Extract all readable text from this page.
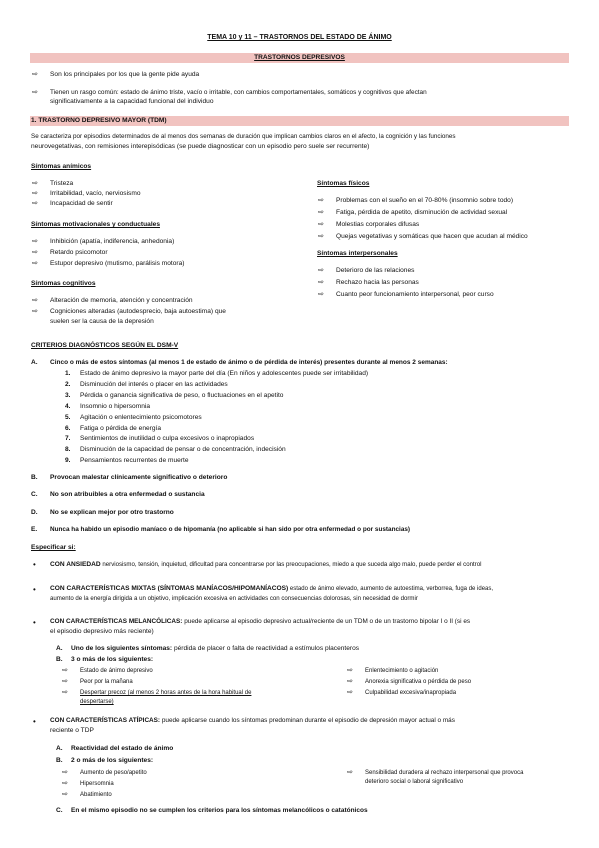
TEMA 10 y 11 – TRASTORNOS DEL ESTADO DE ÁNIMO
TRASTORNOS DEPRESIVOS
⇨ Son los principales por los que la gente pide ayuda
⇨ Tienen un rasgo común: estado de ánimo triste, vacío o irritable, con cambios comportamentales, somáticos y cognitivos que afectan
significativamente a la capacidad funcional del individuo
1. TRASTORNO DEPRESIVO MAYOR (TDM)
Se caracteriza por episodios determinados de al menos dos semanas de duración que implican cambios claros en el afecto, la cognición y las funciones
neurovegetativas, con remisiones interepisódicas (se puede diagnosticar con un episodio pero suele ser recurrente)
Síntomas anímicos
⇨ Tristeza
⇨ Irritabilidad, vacío, nerviosismo
⇨ Incapacidad de sentir
Síntomas motivacionales y conductuales
⇨ Inhibición (apatía, indiferencia, anhedonia)
⇨ Retardo psicomotor
⇨ Estupor depresivo (mutismo, parálisis motora)
Síntomas cognitivos
⇨ Alteración de memoria, atención y concentración
⇨ Cogniciones alteradas (autodesprecio, baja autoestima) que
suelen ser la causa de la depresión
Síntomas físicos
⇨ Problemas con el sueño en el 70-80% (insomnio sobre todo)
⇨ Fatiga, pérdida de apetito, disminución de actividad sexual
⇨ Molestias corporales difusas
⇨ Quejas vegetativas y somáticas que hacen que acudan al médico
Síntomas interpersonales
⇨ Deterioro de las relaciones
⇨ Rechazo hacia las personas
⇨ Cuanto peor funcionamiento interpersonal, peor curso
CRITERIOS DIAGNÓSTICOS SEGÚN EL DSM-V
A. Cinco o más de estos síntomas (al menos 1 de estado de ánimo o de pérdida de interés) presentes durante al menos 2 semanas:
1. Estado de ánimo depresivo la mayor parte del día (En niños y adolescentes puede ser irritabilidad)
2. Disminución del interés o placer en las actividades
3. Pérdida o ganancia significativa de peso, o fluctuaciones en el apetito
4. Insomnio o hipersomnia
5. Agitación o enlentecimiento psicomotores
6. Fatiga o pérdida de energía
7. Sentimientos de inutilidad o culpa excesivos o inapropiados
8. Disminución de la capacidad de pensar o de concentración, indecisión
9. Pensamientos recurrentes de muerte
B. Provocan malestar clínicamente significativo o deterioro
C. No son atribuibles a otra enfermedad o sustancia
D. No se explican mejor por otro trastorno
E. Nunca ha habido un episodio maníaco o de hipomanía (no aplicable si han sido por otra enfermedad o por sustancias)
Especificar si:
• CON ANSIEDAD nerviosismo, tensión, inquietud, dificultad para concentrarse por las preocupaciones, miedo a que suceda algo malo, puede perder el control
• CON CARACTERÍSTICAS MIXTAS (SÍNTOMAS MANÍACOS/HIPOMANÍACOS) estado de ánimo elevado, aumento de autoestima, verborrea, fuga de ideas,
aumento de la energía dirigida a un objetivo, implicación excesiva en actividades con consecuencias dolorosas, sin necesidad de dormir
• CON CARACTERÍSTICAS MELANCÓLICAS: puede aplicarse al episodio depresivo actual/reciente de un TDM o de un trastorno bipolar I o II (si es
el episodio depresivo más reciente)
A. Uno de los siguientes síntomas: pérdida de placer o falta de reactividad a estímulos placenteros
B. 3 o más de los siguientes:
⇨ Estado de ánimo depresivo
⇨ Peor por la mañana
⇨ Despertar precoz (al menos 2 horas antes de la hora habitual de
despertarse)
⇨ Enlentecimiento o agitación
⇨ Anorexia significativa o pérdida de peso
⇨ Culpabilidad excesiva/inapropiada
• CON CARACTERÍSTICAS ATÍPICAS: puede aplicarse cuando los síntomas predominan durante el episodio de depresión mayor actual o más
reciente o TDP
A. Reactividad del estado de ánimo
B. 2 o más de los siguientes:
⇨ Aumento de peso/apetito
⇨ Hipersomnia
⇨ Abatimiento
⇨ Sensibilidad duradera al rechazo interpersonal que provoca
deterioro social o laboral significativo
C. En el mismo episodio no se cumplen los criterios para los síntomas melancólicos o catatónicos
